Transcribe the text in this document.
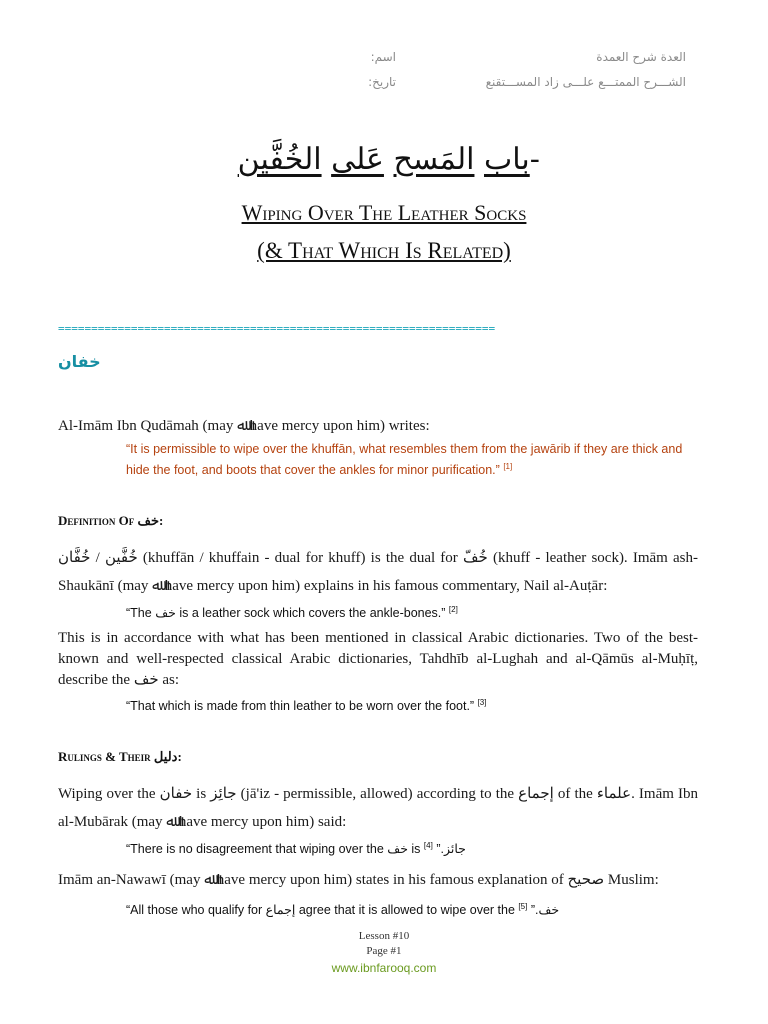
العدة شرح العمدة
الشـــرح الممتـــع علـــى زاد المســـتقنع
اسم:
تاريخ:
باب المَسح عَلى الخُفَّين	-
Wiping Over The Leather Socks
(& That Which Is Related)
==================================================================
خفان
Al-Imām Ibn Qudāmah (may ﷲ have mercy upon him) writes:
“It is permissible to wipe over the khuffān, what resembles them from the jawārib if they are thick and hide the foot, and boots that cover the ankles for minor purification.” [1]
Definition Of خف:
خُفَّين / خُفَّان (khuffān / khuffain - dual for khuff) is the dual for خُفّ (khuff - leather sock). Imām ash-Shaukānī (may ﷲ have mercy upon him) explains in his famous commentary, Nail al-Auṭār:
“The خف is a leather sock which covers the ankle-bones.” [2]
This is in accordance with what has been mentioned in classical Arabic dictionaries. Two of the best-known and well-respected classical Arabic dictionaries, Tahdhīb al-Lughah and al-Qāmūs al-Muḥīṭ, describe the خف as:
“That which is made from thin leather to be worn over the foot.” [3]
Rulings & Their دليل:
Wiping over the خفان is جائِز (jā'iz - permissible, allowed) according to the إجماع of the علماء. Imām Ibn al-Mubārak (may ﷲ have mercy upon him) said:
“There is no disagreement that wiping over the خف is جائز.” [4]
Imām an-Nawawī (may ﷲ have mercy upon him) states in his famous explanation of صحيح Muslim:
“All those who qualify for إجماع agree that it is allowed to wipe over the خف.” [5]
Lesson #10
Page #1
www.ibnfarooq.com
